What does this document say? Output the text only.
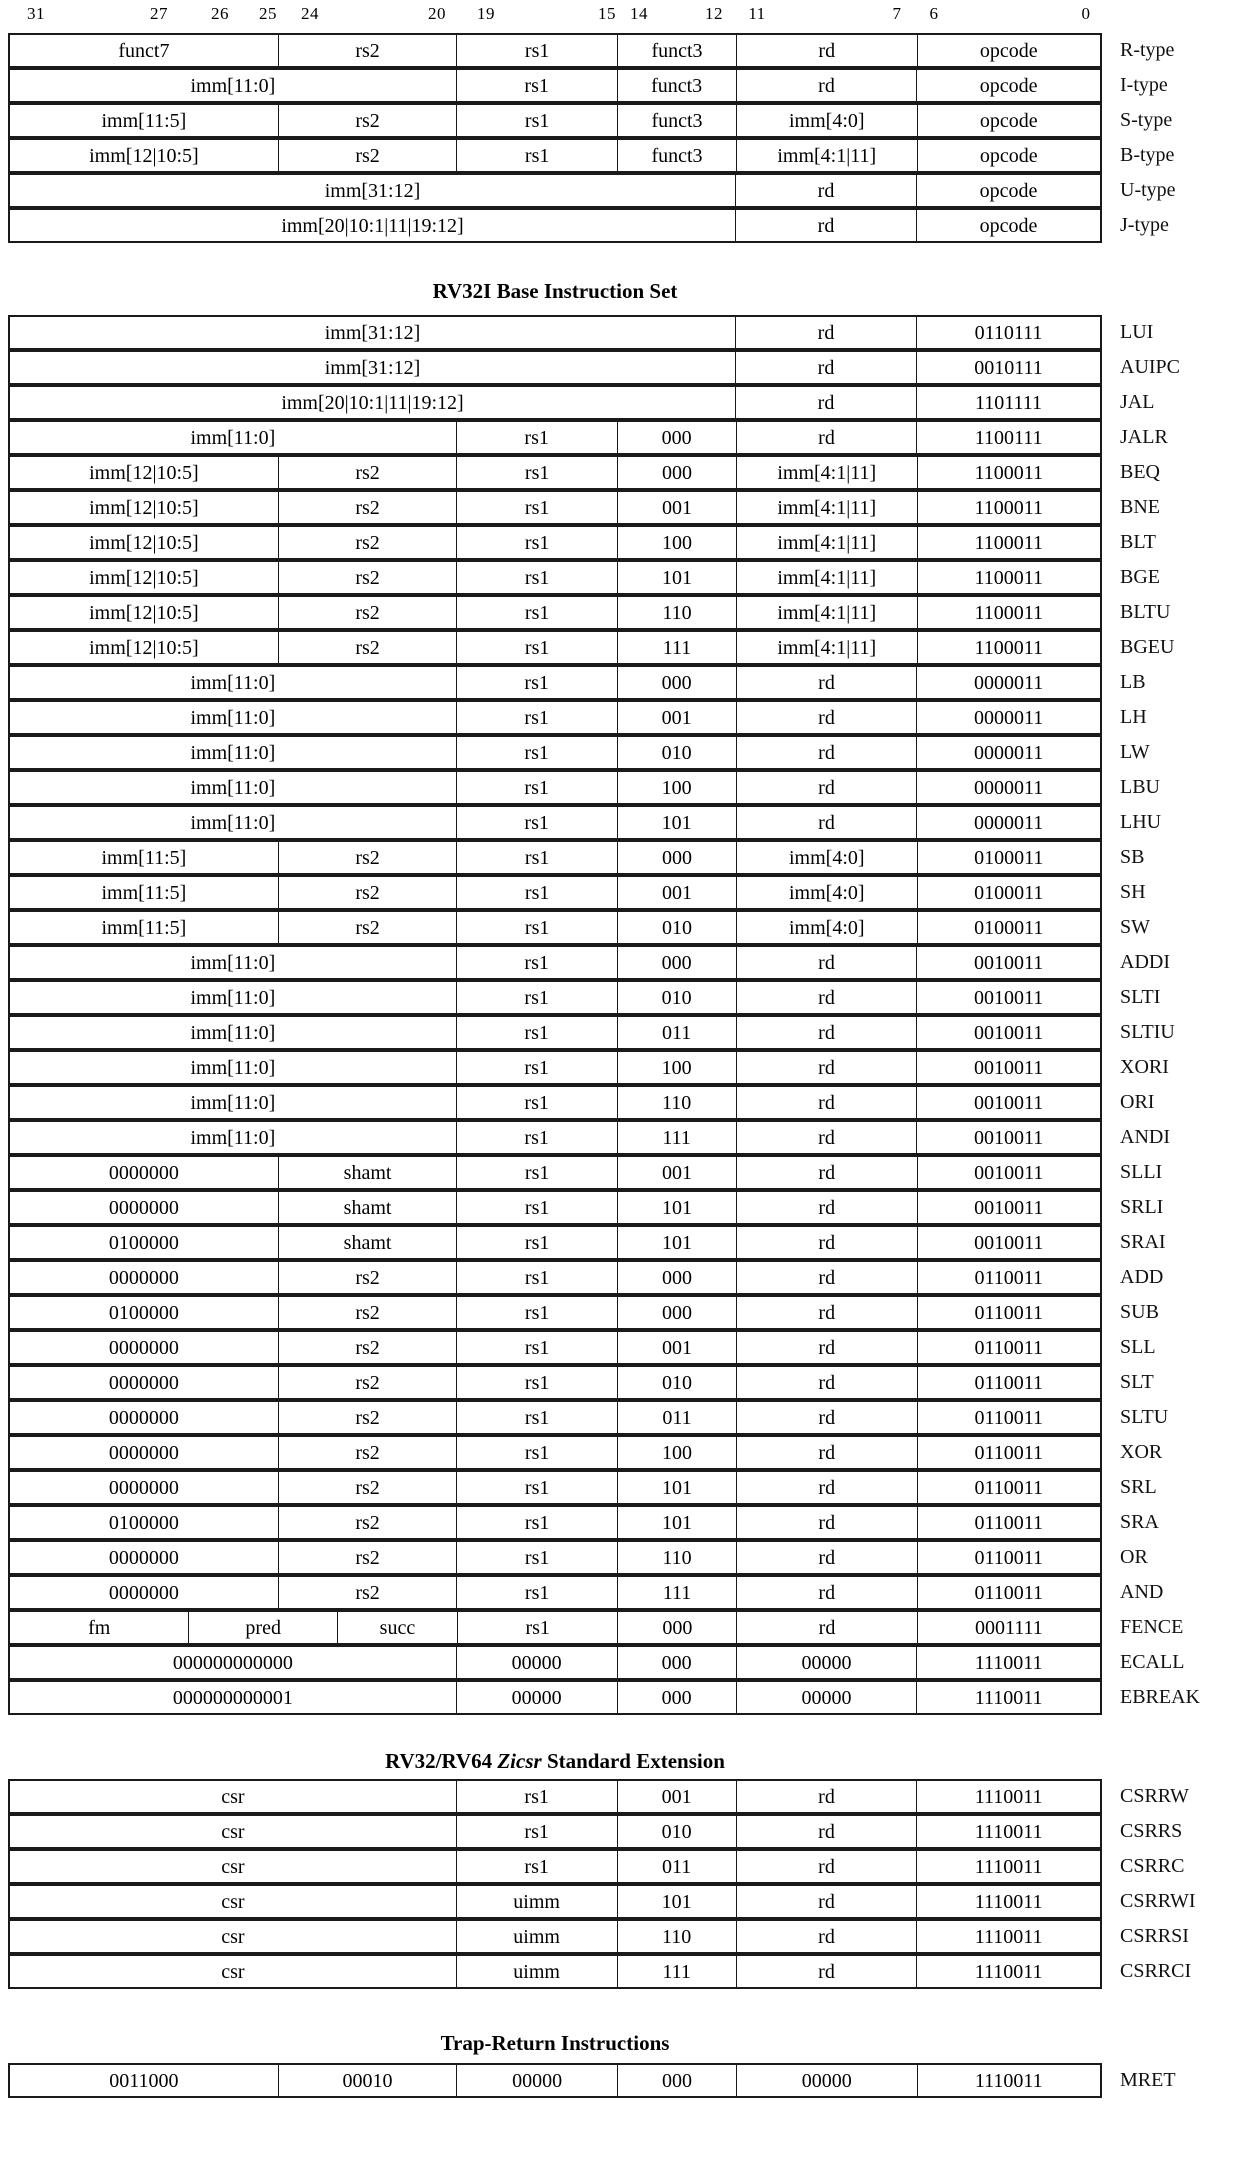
31	27	26 25 24	20 19	15 14	12 11	7 6	0
funct7	rs2	rs1	funct3	rd	opcode	R-type
imm[11:0]	rs1	funct3	rd	opcode	I-type
imm[11:5]	rs2	rs1	funct3	imm[4:0]	opcode	S-type
imm[12|10:5]	rs2	rs1	funct3	imm[4:1|11]	opcode	B-type
imm[31:12]	rd	opcode	U-type
imm[20|10:1|11|19:12]	rd	opcode	J-type
RV32I Base Instruction Set
imm[31:12]	rd	0110111	LUI
imm[31:12]	rd	0010111	AUIPC
imm[20|10:1|11|19:12]	rd	1101111	JAL
imm[11:0]	rs1	000	rd	1100111	JALR
imm[12|10:5]	rs2	rs1	000	imm[4:1|11]	1100011	BEQ
imm[12|10:5]	rs2	rs1	001	imm[4:1|11]	1100011	BNE
imm[12|10:5]	rs2	rs1	100	imm[4:1|11]	1100011	BLT
imm[12|10:5]	rs2	rs1	101	imm[4:1|11]	1100011	BGE
imm[12|10:5]	rs2	rs1	110	imm[4:1|11]	1100011	BLTU
imm[12|10:5]	rs2	rs1	111	imm[4:1|11]	1100011	BGEU
imm[11:0]	rs1	000	rd	0000011	LB
imm[11:0]	rs1	001	rd	0000011	LH
imm[11:0]	rs1	010	rd	0000011	LW
imm[11:0]	rs1	100	rd	0000011	LBU
imm[11:0]	rs1	101	rd	0000011	LHU
imm[11:5]	rs2	rs1	000	imm[4:0]	0100011	SB
imm[11:5]	rs2	rs1	001	imm[4:0]	0100011	SH
imm[11:5]	rs2	rs1	010	imm[4:0]	0100011	SW
imm[11:0]	rs1	000	rd	0010011	ADDI
imm[11:0]	rs1	010	rd	0010011	SLTI
imm[11:0]	rs1	011	rd	0010011	SLTIU
imm[11:0]	rs1	100	rd	0010011	XORI
imm[11:0]	rs1	110	rd	0010011	ORI
imm[11:0]	rs1	111	rd	0010011	ANDI
0000000	shamt	rs1	001	rd	0010011	SLLI
0000000	shamt	rs1	101	rd	0010011	SRLI
0100000	shamt	rs1	101	rd	0010011	SRAI
0000000	rs2	rs1	000	rd	0110011	ADD
0100000	rs2	rs1	000	rd	0110011	SUB
0000000	rs2	rs1	001	rd	0110011	SLL
0000000	rs2	rs1	010	rd	0110011	SLT
0000000	rs2	rs1	011	rd	0110011	SLTU
0000000	rs2	rs1	100	rd	0110011	XOR
0000000	rs2	rs1	101	rd	0110011	SRL
0100000	rs2	rs1	101	rd	0110011	SRA
0000000	rs2	rs1	110	rd	0110011	OR
0000000	rs2	rs1	111	rd	0110011	AND
fm	pred	succ	rs1	000	rd	0001111	FENCE
000000000000	00000	000	00000	1110011	ECALL
000000000001	00000	000	00000	1110011	EBREAK
RV32/RV64 Zicsr Standard Extension
csr	rs1	001	rd	1110011	CSRRW
csr	rs1	010	rd	1110011	CSRRS
csr	rs1	011	rd	1110011	CSRRC
csr	uimm	101	rd	1110011	CSRRWI
csr	uimm	110	rd	1110011	CSRRSI
csr	uimm	111	rd	1110011	CSRRCI
Trap-Return Instructions
0011000	00010	00000	000	00000	1110011	MRET
